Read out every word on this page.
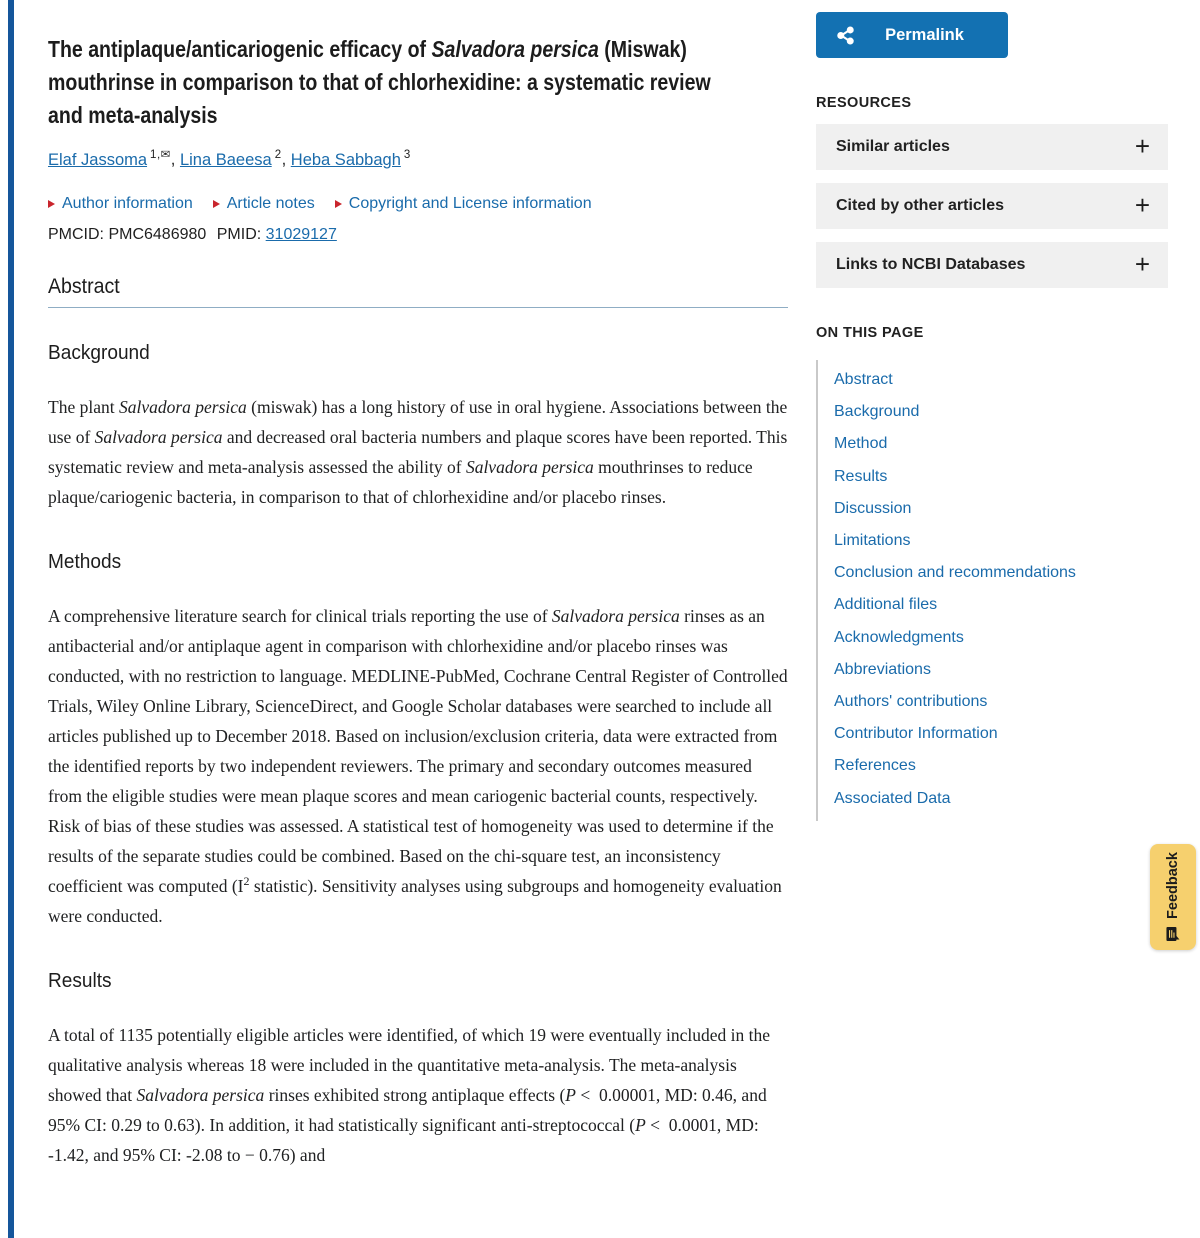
The antiplaque/anticariogenic efficacy of Salvadora persica (Miswak)
mouthrinse in comparison to that of chlorhexidine: a systematic review
and meta-analysis
Elaf Jassoma $^{1,✉}$, Lina Baeesa $^2$, Heba Sabbagh $^3$
Author information	Article notes	Copyright and License information
PMCID: PMC6486980 PMID: 31029127
Abstract
Background

The plant Salvadora persica (miswak) has a long history of use in oral hygiene. Associations between the use of Salvadora persica and decreased oral bacteria numbers and plaque scores have been reported. This systematic review and meta-analysis assessed the ability of Salvadora persica mouthrinses to reduce plaque/cariogenic bacteria, in comparison to that of chlorhexidine and/or placebo rinses.

Methods

A comprehensive literature search for clinical trials reporting the use of Salvadora persica rinses as an antibacterial and/or antiplaque agent in comparison with chlorhexidine and/or placebo rinses was conducted, with no restriction to language. MEDLINE-PubMed, Cochrane Central Register of Controlled Trials, Wiley Online Library, ScienceDirect, and Google Scholar databases were searched to include all articles published up to December 2018. Based on inclusion/exclusion criteria, data were extracted from the identified reports by two independent reviewers. The primary and secondary outcomes measured from the eligible studies were mean plaque scores and mean cariogenic bacterial counts, respectively. Risk of bias of these studies was assessed. A statistical test of homogeneity was used to determine if the results of the separate studies could be combined. Based on the chi-square test, an inconsistency coefficient was computed ($I^2$ statistic). Sensitivity analyses using subgroups and homogeneity evaluation were conducted.

Results

A total of 1135 potentially eligible articles were identified, of which 19 were eventually included in the qualitative analysis whereas 18 were included in the quantitative meta-analysis. The meta-analysis showed that Salvadora persica rinses exhibited strong antiplaque effects (P <  0.00001, MD: 0.46, and 95% CI: 0.29 to 0.63). In addition, it had statistically significant anti-streptococcal (P <  0.0001, MD: -1.42, and 95% CI: -2.08 to − 0.76) and

Permalink
RESOURCES
Similar articles	+
Cited by other articles	+
Links to NCBI Databases	+
ON THIS PAGE
Abstract
Background
Method
Results
Discussion
Limitations
Conclusion and recommendations
Additional files
Acknowledgments
Abbreviations
Authors' contributions
Contributor Information
References
Associated Data
Feedback
